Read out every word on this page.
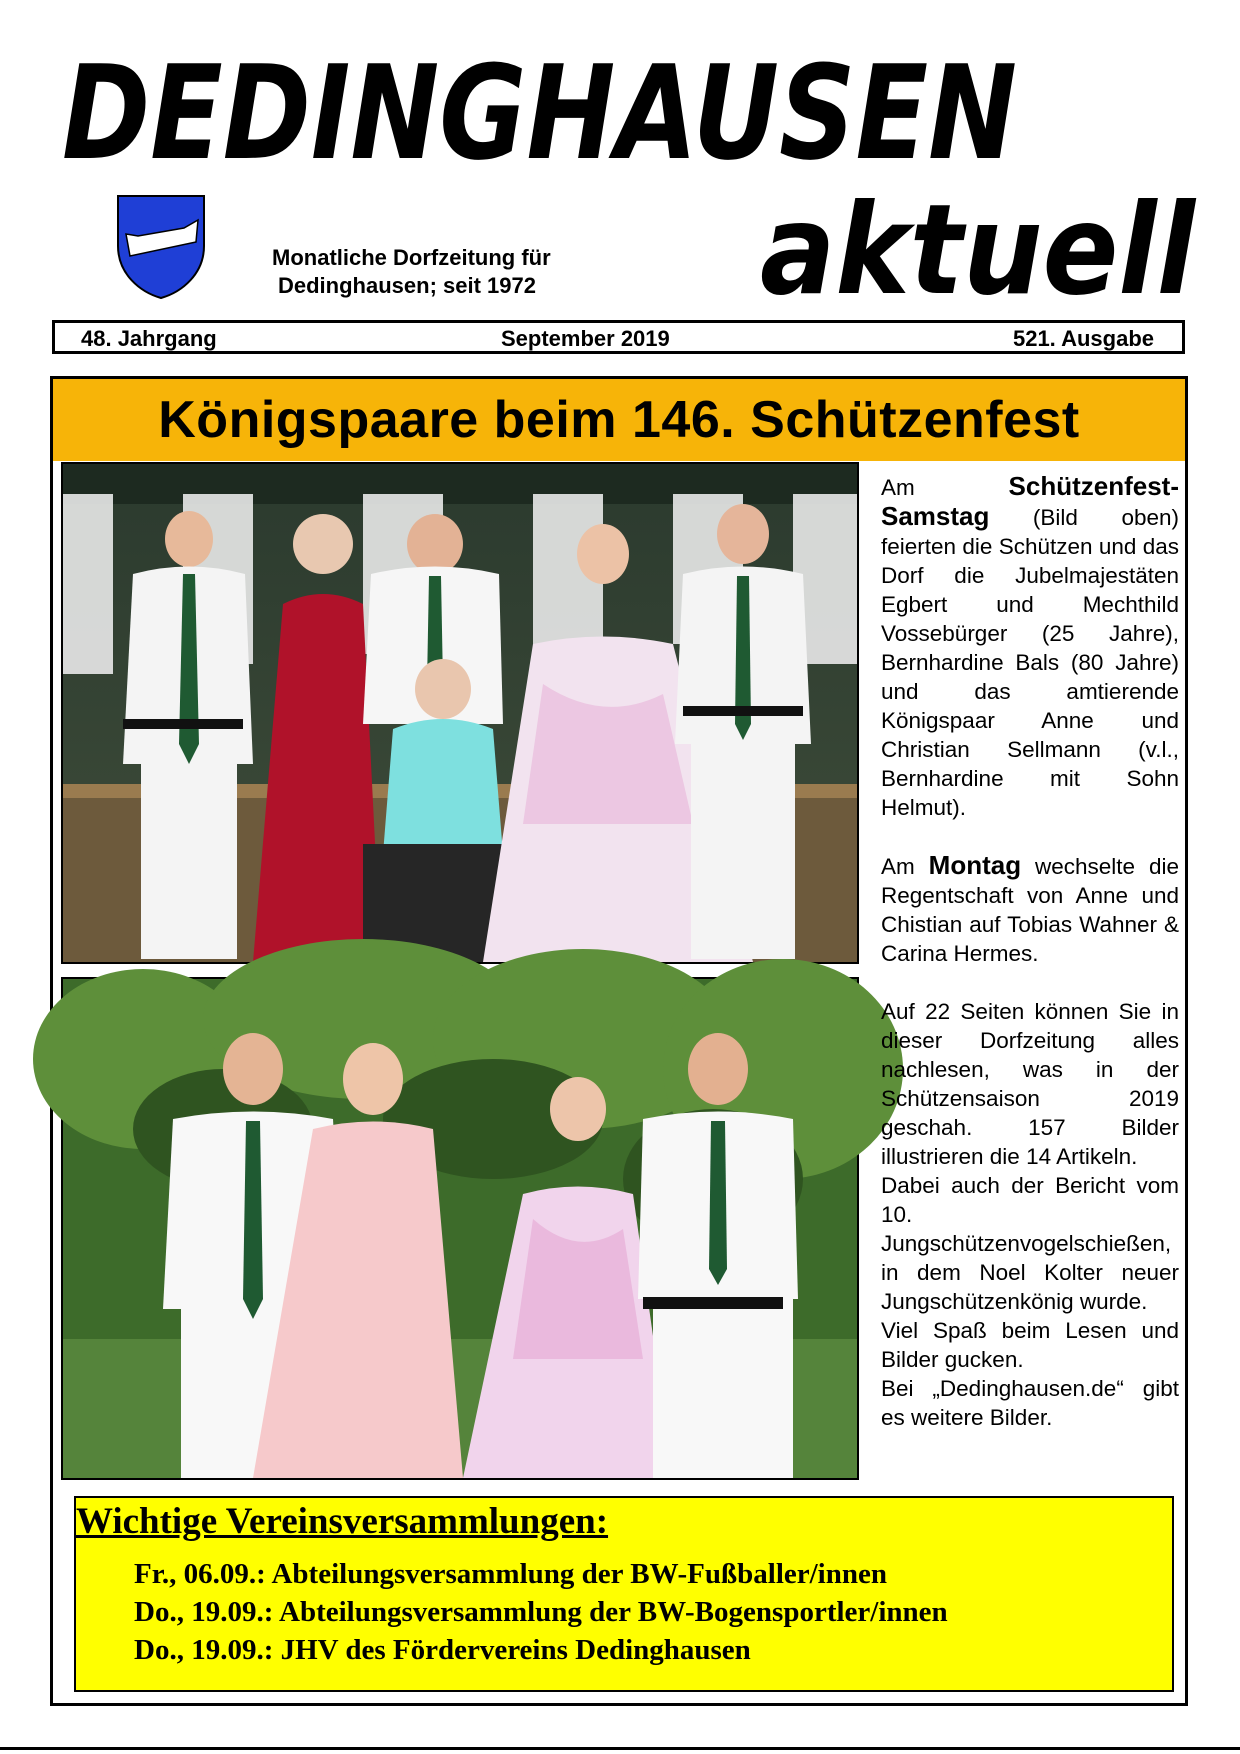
DEDINGHAUSEN
aktuell
Monatliche Dorfzeitung für
Dedinghausen; seit 1972
48. Jahrgang	September 2019	521. Ausgabe
Königspaare beim 146. Schützenfest

Am Schützenfest-Samstag (Bild oben) feierten die Schützen und das Dorf die Jubelmajestäten Egbert und Mechthild Vossebürger (25 Jahre), Bernhardine Bals (80 Jahre) und das amtierende Königspaar Anne und Christian Sellmann (v.l., Bernhardine mit Sohn Helmut).

Am Montag wechselte die Regentschaft von Anne und Chistian auf Tobias Wahner & Carina Hermes.

Auf 22 Seiten können Sie in dieser Dorfzeitung alles nachlesen, was in der Schützensaison 2019 geschah. 157 Bilder illustrieren die 14 Artikeln.

Dabei auch der Bericht vom 10. Jungschützenvogelschießen, in dem Noel Kolter neuer Jungschützenkönig wurde.

Viel Spaß beim Lesen und Bilder gucken.

Bei „Dedinghausen.de“ gibt es weitere Bilder.

Wichtige Vereinsversammlungen:
Fr., 06.09.: Abteilungsversammlung der BW-Fußballer/innen
Do., 19.09.: Abteilungsversammlung der BW-Bogensportler/innen
Do., 19.09.: JHV des Fördervereins Dedinghausen
